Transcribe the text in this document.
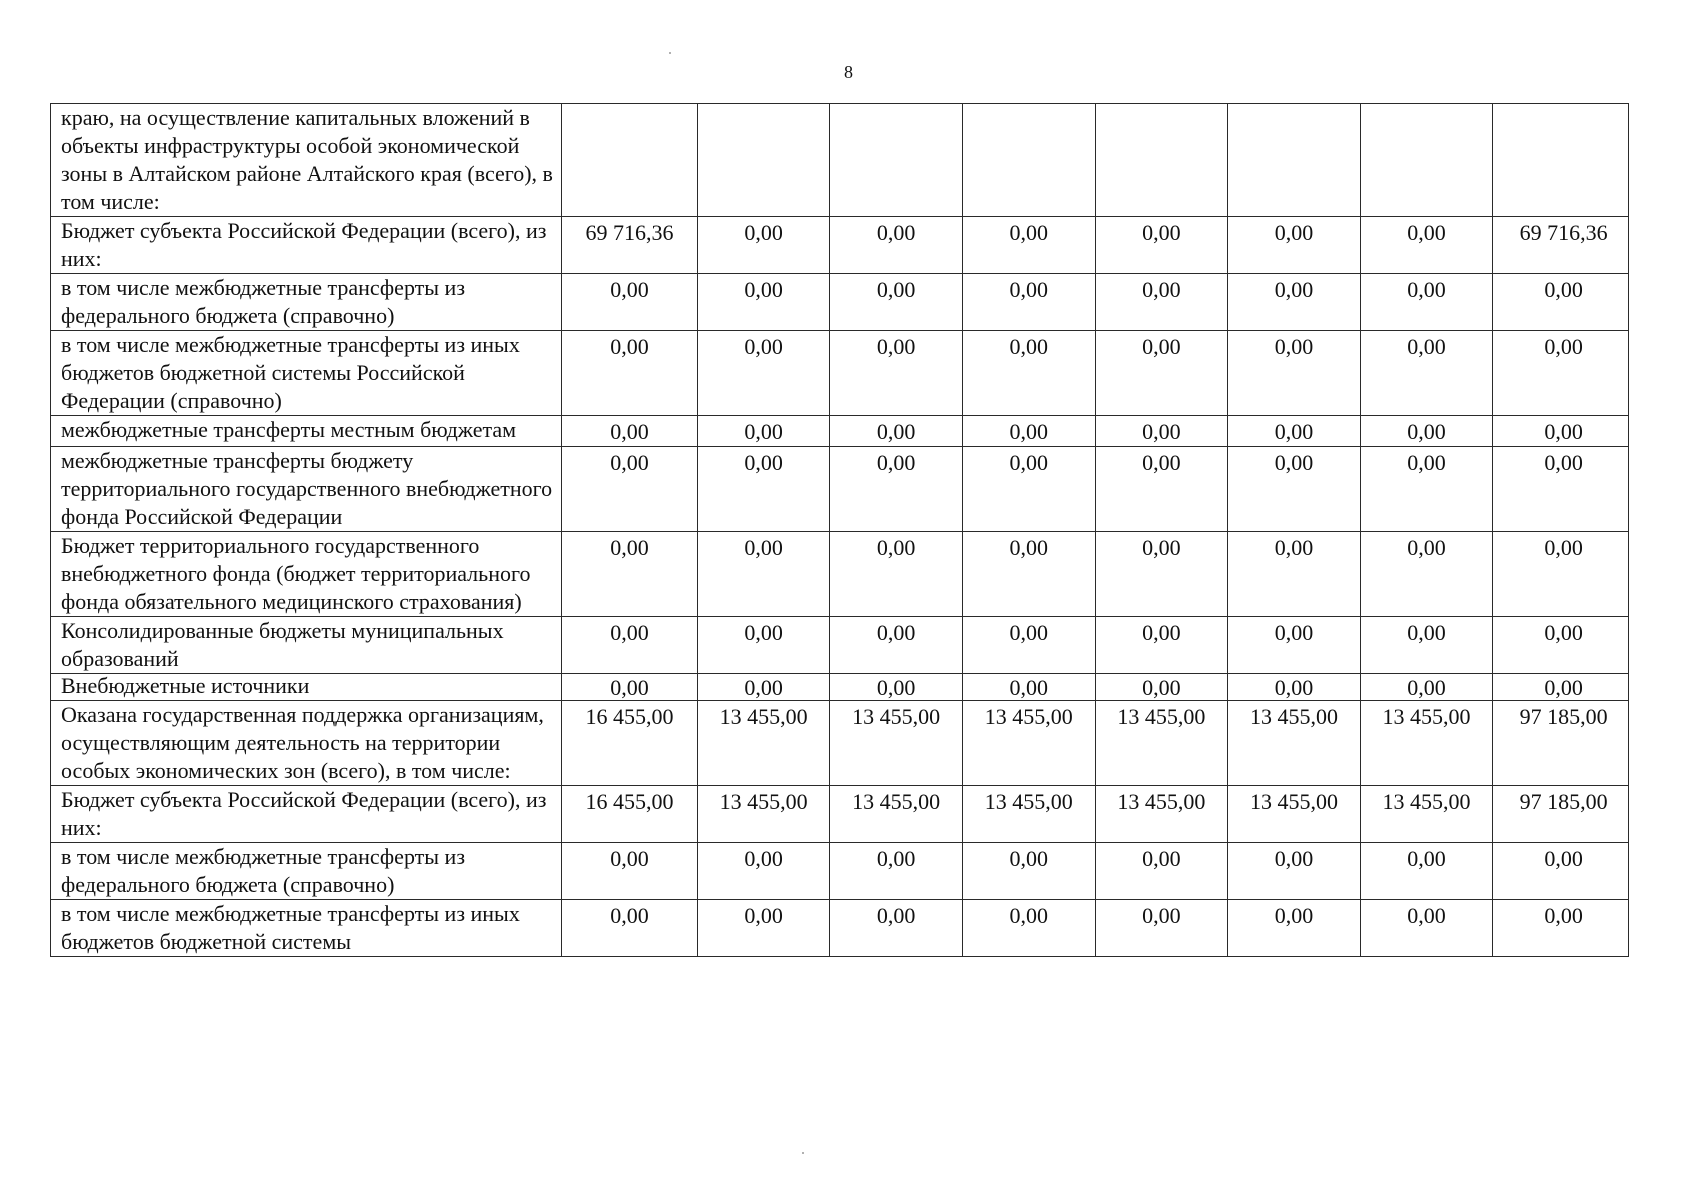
8
краю, на осуществление капитальных вложений в объекты инфраструктуры особой экономической зоны в Алтайском районе Алтайского края (всего), в том числе:								
Бюджет субъекта Российской Федерации (всего), из них:	69 716,36	0,00	0,00	0,00	0,00	0,00	0,00	69 716,36
в том числе межбюджетные трансферты из федерального бюджета (справочно)	0,00	0,00	0,00	0,00	0,00	0,00	0,00	0,00
в том числе межбюджетные трансферты из иных бюджетов бюджетной системы Российской Федерации (справочно)	0,00	0,00	0,00	0,00	0,00	0,00	0,00	0,00
межбюджетные трансферты местным бюджетам	0,00	0,00	0,00	0,00	0,00	0,00	0,00	0,00
межбюджетные трансферты бюджету территориального государственного внебюджетного фонда Российской Федерации	0,00	0,00	0,00	0,00	0,00	0,00	0,00	0,00
Бюджет территориального государственного внебюджетного фонда (бюджет территориального фонда обязательного медицинского страхования)	0,00	0,00	0,00	0,00	0,00	0,00	0,00	0,00
Консолидированные бюджеты муниципальных образований	0,00	0,00	0,00	0,00	0,00	0,00	0,00	0,00
Внебюджетные источники	0,00	0,00	0,00	0,00	0,00	0,00	0,00	0,00
Оказана государственная поддержка организациям, осуществляющим деятельность на территории особых экономических зон (всего), в том числе:	16 455,00	13 455,00	13 455,00	13 455,00	13 455,00	13 455,00	13 455,00	97 185,00
Бюджет субъекта Российской Федерации (всего), из них:	16 455,00	13 455,00	13 455,00	13 455,00	13 455,00	13 455,00	13 455,00	97 185,00
в том числе межбюджетные трансферты из федерального бюджета (справочно)	0,00	0,00	0,00	0,00	0,00	0,00	0,00	0,00
в том числе межбюджетные трансферты из иных бюджетов бюджетной системы	0,00	0,00	0,00	0,00	0,00	0,00	0,00	0,00
